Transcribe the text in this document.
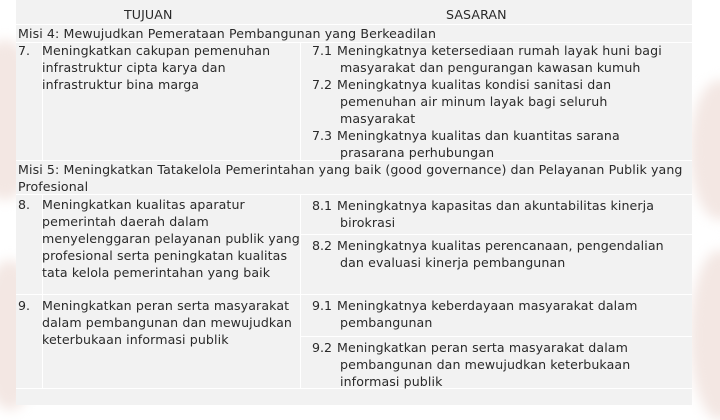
TUJUAN	SASARAN
Misi 4: Mewujudkan Pemerataan Pembangunan yang Berkeadilan
7. Meningkatkan cakupan pemenuhan
infrastruktur cipta karya dan
infrastruktur bina marga
7.1 Meningkatnya ketersediaan rumah layak huni bagi
masyarakat dan pengurangan kawasan kumuh
7.2 Meningkatnya kualitas kondisi sanitasi dan
pemenuhan air minum layak bagi seluruh
masyarakat
7.3 Meningkatnya kualitas dan kuantitas sarana
prasarana perhubungan
Misi 5: Meningkatkan Tatakelola Pemerintahan yang baik (good governance) dan Pelayanan Publik yang
Profesional
8. Meningkatkan kualitas aparatur
pemerintah daerah dalam
menyelenggaran pelayanan publik yang
profesional serta peningkatan kualitas
tata kelola pemerintahan yang baik
8.1 Meningkatnya kapasitas dan akuntabilitas kinerja
birokrasi
8.2 Meningkatnya kualitas perencanaan, pengendalian
dan evaluasi kinerja pembangunan
9. Meningkatkan peran serta masyarakat
dalam pembangunan dan mewujudkan
keterbukaan informasi publik
9.1 Meningkatnya keberdayaan masyarakat dalam
pembangunan
9.2 Meningkatkan peran serta masyarakat dalam
pembangunan dan mewujudkan keterbukaan
informasi publik
